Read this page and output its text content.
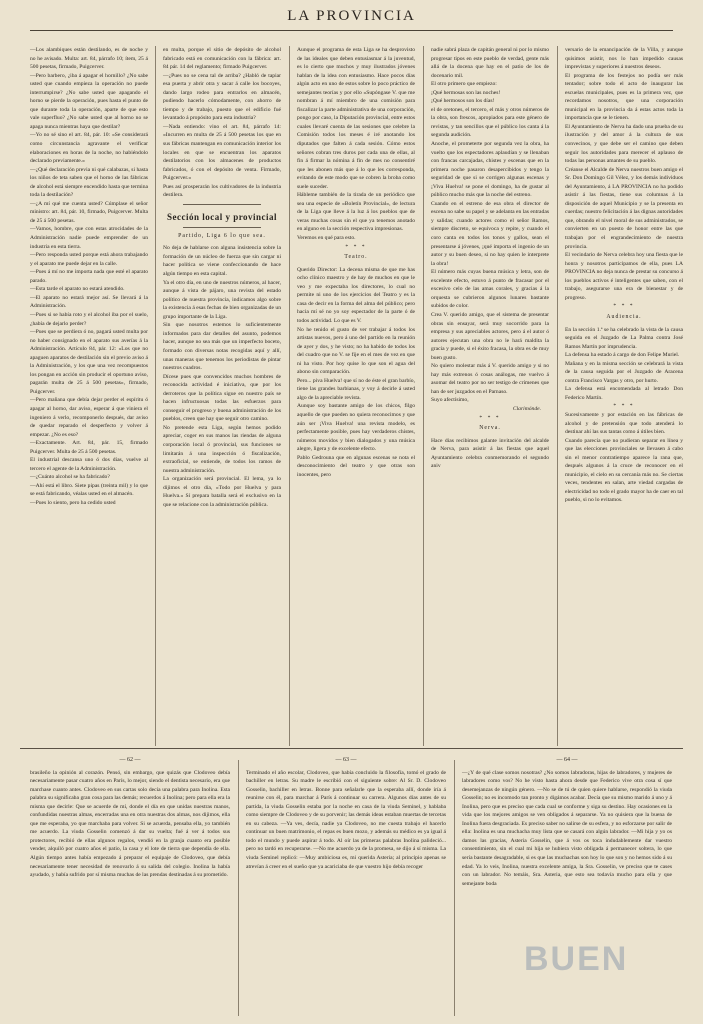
LA PROVINCIA

—Los alambiques están destilando, es de noche y no he avisado. Multa: art. 84, párrafo 10; ítem, 25 á 500 pesetas, firmado, Puigcerver.

—Pero barbero, ¿iba á apagar el hornillo? ¿No sabe usted que cuando empieza la operación no puede interrumpirse? ¿No sabe usted que apagando el horno se pierde la operación, pues hasta el punto de que durante toda la operación, aparte de que esto vale superfluo? ¿No sabe usted que al horno no se apaga nunca mientras haya que destilar?

—Yo no sé sino el art. 84, pár. 10: «Se considerará como circunstancia agravante el verificar elaboraciones en horas de la noche, no habiéndolo declarado previamente.»

—¿Qué declaración previa ni qué calabazas, si hasta los niños de teta saben que el horno de las fábricas de alcohol está siempre encendido hasta que termina toda la destilación?

—¿A mí qué me cuenta usted? Cúmplase el señor ministro: art. 84, pár. 10, firmado, Puigcerver. Multa de 25 á 500 pesetas.

—Vamos, hombre, que con estas atrocidades de la Administración nadie puede emprender de un industria en esta tierra.

—Pero responda usted porque está ahora trabajando y el aparato me puede dejar en la calle.

—Pues á mí no me importa nada que esté el aparato parado.

—Esta tarde el aparato no estará atendido.

—El aparato no estará mejor así. Se llevará á la Administración.

—Pues si se había roto y el alcohol iba por el suelo, ¿había de dejarlo perder?

—Pues que se perdiera ó no, pagará usted multa por no haber consignado en el aparato sus averías á la Administración. Artículo 84, pár. 12: «Los que no apaguen aparatos de destilación sin el previo aviso á la Administración, y los que una vez recompuestos los pongan en acción sin producir el oportuno aviso, pagarán multa de 25 á 500 pesetas», firmado, Puigcerver.

—Pero mañana que debía dejar perder el espíritu ó apagar al horno, dar aviso, esperar á que viniera el ingeniero á verlo, recomponerlo después, dar aviso de quedar reparado el desperfecto y volver á empezar. ¿No es eso?

—Exactamente. Art. 84, pár. 15, firmado Puigcerver. Multa de 25 á 500 pesetas.

El industrial descansa uno ó dos días, vuelve al tercero el agente de la Administración.

—¿Cuánto alcohol se ha fabricado?

—Ahí está el libro. Siete pipas (treinta mil) y lo que se está fabricando, véalas usted en el almacén.

—Pues lo siento, pero ha cedido usted

en multa, porque el sitio de depósito de alcohol fabricado está en comunicación con la fábrica: art. 84 pár. 14 del reglamento; firmado Puigcerver.

—¿Pues no se cena tal de arriba? ¿Habló de tapiar esa puerta y abrir otra y sacar á calle los bocoyes, dando largo rodeo para entrarlos en almacén, pudiendo hacerlo cómodamente, con ahorro de tiempo y de trabajo, puesto que el edificio fué levantado á propósito para esta industria?

—Nada entiendo: vino el art. 84, párrafo 14: «Incurren en multa de 25 á 500 pesetas los que en sus fábricas mantengan en comunicación interior los locales en que se encuentran los aparatos destilatorios con los almacenes de productos fabricados, ó con el depósito de venta. Firmado, Puigcerver.»

Pues así prosperarán los cultivadores de la industria destilera.

Sección local y provincial
Partido, Liga 6 lo que sea.

No deja de hablarse con alguna insistencia sobre la formación de un núcleo de fuerza que sin cargar ni hacer política se viene confeccionando de hace algún tiempo en esta capital.

Ya el otro día, en uno de nuestros números, al hacer, aunque á vista de pájaro, una revista del estado político de nuestra provincia, indicamos algo sobre la existencia á esas fechas de bien organizadas de un grupo importante de la Liga.

Sin que nosotros estemos lo suficientemente informados para dar detalles del asunto, podemos hacer, aunque no sea más que un imperfecto boceto, formado con diversas notas recogidas aquí y allí, unas maneras que tenemos los periodistas de pintar nuestros cuadros.

Dícese pues que convencidos muchos hombres de reconocida actividad é iniciativa, que por los derroteros que la política sigue en nuestro país se hacen infructuosas todas las esfuerzos para conseguir el progreso y buena administración de los pueblos, creen que hay que seguir otro camino.

No pretende esta Liga, según hemos podido apreciar, coger en sus manos las riendas de alguna corporación local ó provincial, sus funciones se limitarán á una inspección ó fiscalización, extraoficial, se entiende, de todos los ramos de nuestra administración.

La organización será provincial. El lema, ya lo dijimos el otro día, «Todo por Huelva y para Huelva.» Sí prepara batalla será el exclusivo en la que se relacione con la administración pública.

Aunque el programa de esta Liga se ha desprovisto de las ideales que deben entusiasmar á la juventud, es lo cierto que muchos y muy ilustrados jóvenes hablan de la idea con entusiasmo. Hace pocos días algún acto en uno de estos sobre lo poco práctico de semejantes teorías y por ello «Supóngase V. que me nombran á mí miembro de una comisión para fiscalizar la parte administrativa de una corporación, pongo por caso, la Diputación provincial, entre estos cuales llevaré cuenta de las sesiones que celebre la Comisión todos los meses é iré anotando los diputados que falten á cada sesión. Cómo estos señores cobran tres duros por cada una de ellas, al fin á firmar la nómina á fin de mes no consentiré que les abonen más que á lo que les corresponda, evitando de este modo que se cobren la broba como suele suceder.

Hábleme también de la tirada de un periódico que sea una especie de «Boletín Provincial», de lectura de la Liga que lleve á la luz á los pueblos que de veras muchas cosas sin el que ya tenemos anotado en alguno en la sección respectiva impresionas.

Veremos en qué para esto.

* * *
Teatro.

Querido Director: La decena misma de que me has ocho clínico maestro y de hay de muchos en que le veo y me expectaba los directores, lo cual no permite ni uno de los ejercicios del Teatro y es la casa de decir en la forma del alma del público; pero hacia mí sé no yo soy espectador de la parte ó de todos actividad. Lo que es V.

No he tenido el gusto de ver trabajar á todos los artistas nuevos, pero á uno del partido en la reunión de ayer y dos, y he visto; no ha habido de todos los del cuadro que no V. se fije en el mes de vez en que ni ha visto. Por hoy quise lo que son el agua del abono sin comparación.

Pero... piva Huelva! que sí no de éste el gran barbío, tiene las grandes barbianas, y voy á decirle á usted algo de la apreciable revista.

Aunque soy bastante amigo de los chicos, filgo aquello de que pueden no quiera reconocimos y que aún ser ¡Viva Huelva! una revista modelo, es perfectamente posible, pues hay verdaderos chistes, números movidos y bien dialogados y una música alegre, ligera y de excelente efecto.

Pablo Gedrouna que en algunas escenas se nota el desconocimiento del teatro y que otras son inocentes, pero

nadie sabrá plaza de capitán general ni por lo mismo progresar tipos en este pueblo de verdad, gente más allá de la docena que hay en el patio de los de docenario mil.

El otro primero que empiezo:

¡Qué hermosas son las noches!

¡Qué hermosos son los días!

el de oretones, el tercero, el más y otros números de la obra, son frescos, apropiados para este género de revistas, y tan sencillos que el público los canta á la segunda audición.

Anoche, el prometerte por segunda vez la obra, ha vuelto que los espectadores aplaudían y se llenaban con francas carcajadas, chistes y escenas que en la primera noche pasaron desapercibidos y tengo la seguridad de que si se corrigen algunas escenas y ¡Viva Huelva! se pone el domingo, ha de gustar al público mucho más que la noche del estreno.

Cuando en el estreno de esa obra el director de escena no sabe su papel y se adelanta en las entradas y salidas; cuando actores como el señor Ramos, siempre discreto, se equivoca y repite, y cuando el coro canta en todos los tonos y gallos, sean el presentarse á jóvenes, ¡qué importa el ingenio de un autor y su buen deseo, si no hay quien le interprete la obra!

El número más cuyas buena música y letra, son de excelente efecto, estuvo á punto de fracasar por el excesivo celo de las amas corales, y gracias á la orquesta se cubrieron algunos lunares bastante subidos de color.

Crea V. querido amigo, que el sistema de presentar obras sin ensayar, será muy socorrido para la empresa y sus apreciables actores, pero á el autor ó autores ejecutan una obra no le hará maldita la gracia y puede, si el éxito fracasa, la obra es de muy buen gusto.

No quiero molestar más á V. querido amigo y si no hay más extrenos ó cosas análogas, me vuelvo á asomar del teatro por no ser testigo de crímenes que han de ser juzgados en el Parnaso.

Suyo afectísimo,

Clarimónde.

* * *
Nerva.

Hace dias recibimos galante invitación del alcalde de Nerva, para asistir á las fiestas que aquel Ayuntamiento celebra conmemorando el segundo aniv

versario de la emancipación de la Villa, y aunque quisimos asistir, nos lo han impedido causas imprevistas y superiores á nuestros deseos.

El programa de los festejos no podía ser más tentador; sobre todo el acto de inaugurar las escuelas municipales, pues es la primera vez, que recordamos nosotros, que una corporación municipal en la provincia da á estas actos toda la importancia que se le tienen.

El Ayuntamiento de Nerva ha dado una prueba de su ilustración y del amor á la cultura de sus convecinos, y que debe ser el camino que deben seguir los autoridades para merecer el aplauso de todas las personas amantes de su pueblo.

Créanse el Alcalde de Nerva nuestros buen amigo el Sr. Don Domingo Gil Vélez, y los demás individuos del Ayuntamiento, á LA PROVINCIA no ha podido asistir á las fiestas, tiene sus columnas á la disposición de aquel Municipio y se la presenta en cuerdas; nuestro felicitación á las dignas autoridades que, obrando el nivel moral de sus administrados, se convierten en un puesto de honor entre las que trabajan por el engrandecimiento de nuestra provincia.

El vecindario de Nerva celebra hoy una fiesta que le honra y nosotros participamos de ella, pues LA PROVINCIA no deja nunca de prestar su concurso á los pueblos activos é inteligentes que saben, con el trabajo, asegurarse una era de bienestar y de progreso.

* * *
Audiencia.

En la sección 1.ª se ha celebrado la vista de la causa seguida en el Juzgado de La Palma contra José Ramos Martín por imprudencia.

La defensa ha estado á cargo de don Felipe Muriel.

Mañana y en la misma sección se celebrará la vista de la causa seguida por el Juzgado de Aracena contra Francisco Vargas y otro, por hurto.

La defensa está encomendada al letrado Don Federico Martín.

* * *

Sucesivamente y por estación en las fábricas de alcohol y de pretensión que todo atenderá lo destinar ahí las sus tantas como á útiles bien.

Cuando parecía que no pudieran separar en línea y que las elecciones provinciales se llevasen á cabo sin el menor contratiempo aparece la rana que, después algunos á la cruce de reconocer en el municipio, el cielo en su cercanía más no. Se ciertas veces, tendentes en salan, arte viedad cargadas de electricidad no todo el grado mayor ha de caer en tal pueblo, si no lo evitamos.

— 62 —

brasileño la opinión al corazón. Pensó, sin embargo, que quizás que Clodoveo debía necesariamente pasar cuatro años en París, lo mejor, siendo el dentista necesario, era que marchase cuanto antes. Clodoveo en sus cartas solo decía una palabra para Inolina. Esta palabra su significaba gran cosa para las demás; recuerdos á Inolina; pero para ella era la misma que decirle: Que se acuerde de mí, donde el día en que unidas nuestras manos, confundidas nuestras almas, encerradas una en otra nuestras dos almas, nos dijimos, ella que me esperaba, yo que marchaba para volver. Si se acuerda, pensaba ella, yo también me acuerdo. La viuda Gosselin comenzó á dar su vuelta; fué á ver á todos sus protectores, recibió de ellas algunos regalos, vendió en la granja cuanto era posible vender, alquiló por cuatro años el patio, la casa y el lote de tierra que dependía de ella. Algún tiempo antes había empezado á preparar el equipaje de Clodoveo, que debía necesariamente tener necesidad de renovarlo á su salida del colegio. Inolina la había ayudado, y había sufrido por sí misma muchas de las prendas destinadas á su prometido.

— 63 —

Terminado el año escolar, Clodoveo, que había concluido la filosofía, tomó el grado de bachiller en letras. Su madre le escribió con el siguiente sobre: Al Sr. D. Clodoveo Gosselin, bachiller en letras. Bonne para señalarle que la esperaba allí, donde iría á reunirse con él, para marchar á París á continuar su carrera. Algunos días antes de su partida, la viuda Gosselin estaba por la noche en casa de la viuda Seminel, y hablaba como siempre de Clodoveo y de su porvenir; las demás ideas estaban muertas de tercetas en su cabeza. —Ya ves, decía, nadie ya Clodoveo, no me cuesta trabajo el hacerlo continuar un buen matrimonio, el repas es buen mozo, y además su médico es ya igual á todo el mundo y puede aspirar á todo. Al oír las primeras palabras Inolina palideció... pero no tardó en recuperarse. —No me acuerdo ya de la promesa, se dijo á sí misma. La viuda Seminel replicó: —Muy ambiciosa es, mi querida Asteria; al principio apenas se atrevían á creer en el sueño que ya acariciaba de que vuestro hijo debía recoger

— 64 —

—¿Y de qué clase somos nosotras? ¿No somos labradoras, hijas de labradores, y mujeres de labradores como vos? No he visto hasta ahora desde que Federico vive otra cosa sí que desemejanzas de ningún género. —No se de tú de quien quiere hablarse, respondió la viuda Gosselin; no es incomodo tan pronto y digámos acabar. Decía que su mismo marido á uno y á Inolina, pero que es preciso que cada cual se conforme y siga su destino. Hay ocasiones en la vida que los mejores amigos se ven obligados á separarse. Ya no quisiera que la buena de Inolina fuera desgraciada. Es preciso saber no salirse de su esfera, y no esforzarse por salir de ella: Inolina es una muchacha muy lista que se casará con algún labrador. —Mi hija y yo os damos las gracias, Asteria Gosselin, que á vos os toca indudablemente dar vuestro consentimiento, sin el cual mi hija se hubiera visto obligada á permanecer soltera, lo que sería bastante desagradable, si es que las muchachas son hoy lo que son y no hemos sido á su edad. Ya lo veis, Inolina, nuestra excelente amiga, la Sra. Gosselin, ve preciso que te cases con un labrador. No temáis, Sra. Asteria, que esto sea todavía mucho para ella y que semejante boda

BUEN
